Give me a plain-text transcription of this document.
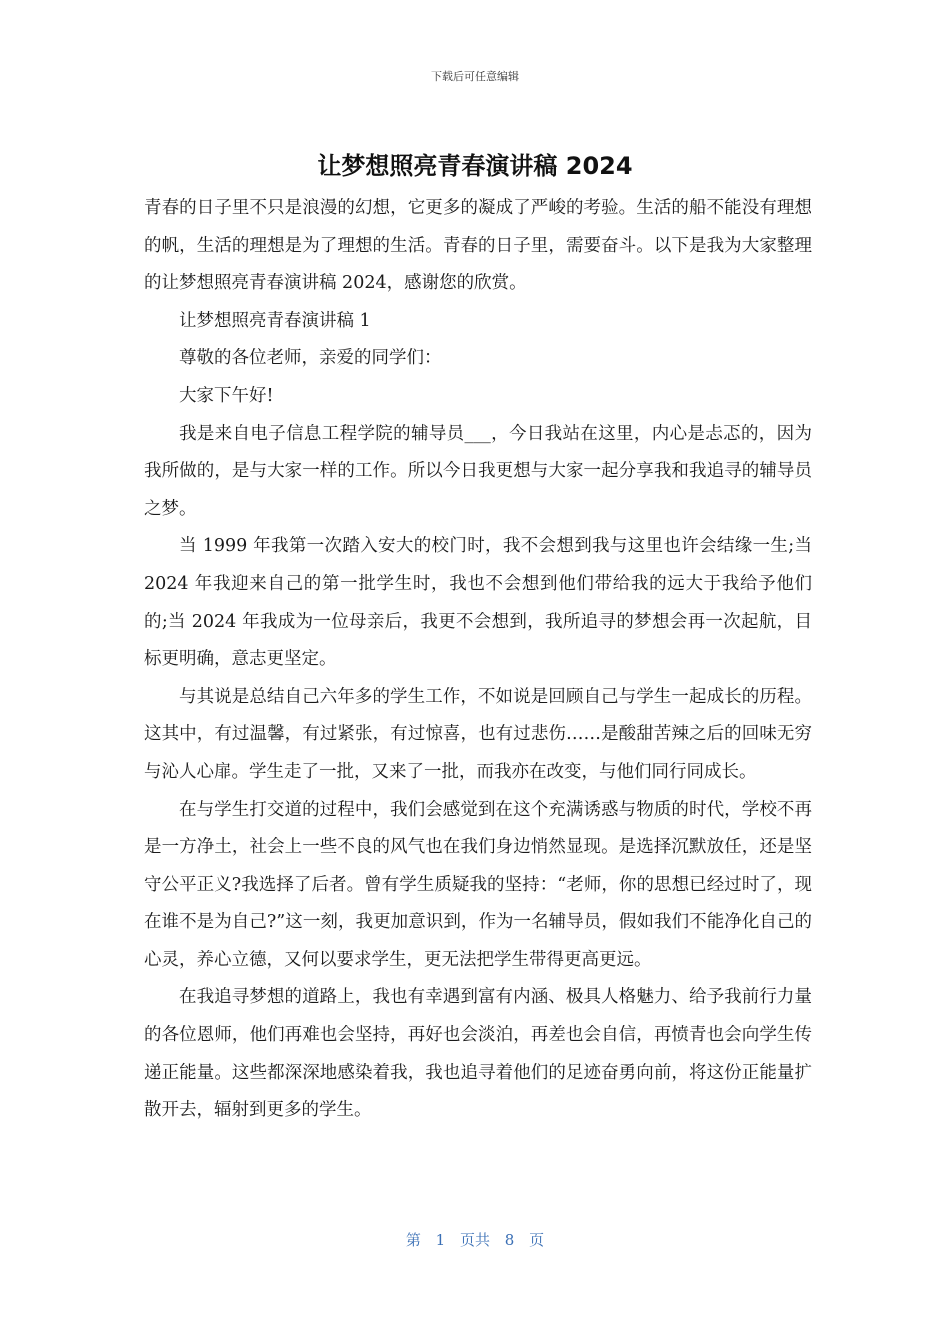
下载后可任意编辑
让梦想照亮青春演讲稿 2024

青春的日子里不只是浪漫的幻想，它更多的凝成了严峻的考验。生活的船不能没有理想的帆，生活的理想是为了理想的生活。青春的日子里，需要奋斗。以下是我为大家整理的让梦想照亮青春演讲稿 2024，感谢您的欣赏。

让梦想照亮青春演讲稿 1

尊敬的各位老师，亲爱的同学们：

大家下午好!

我是来自电子信息工程学院的辅导员___，今日我站在这里，内心是忐忑的，因为我所做的，是与大家一样的工作。所以今日我更想与大家一起分享我和我追寻的辅导员之梦。

当 1999 年我第一次踏入安大的校门时，我不会想到我与这里也许会结缘一生;当 2024 年我迎来自己的第一批学生时，我也不会想到他们带给我的远大于我给予他们的;当 2024 年我成为一位母亲后，我更不会想到，我所追寻的梦想会再一次起航，目标更明确，意志更坚定。

与其说是总结自己六年多的学生工作，不如说是回顾自己与学生一起成长的历程。这其中，有过温馨，有过紧张，有过惊喜，也有过悲伤……是酸甜苦辣之后的回味无穷与沁人心扉。学生走了一批，又来了一批，而我亦在改变，与他们同行同成长。

在与学生打交道的过程中，我们会感觉到在这个充满诱惑与物质的时代，学校不再是一方净土，社会上一些不良的风气也在我们身边悄然显现。是选择沉默放任，还是坚守公平正义?我选择了后者。曾有学生质疑我的坚持：“老师，你的思想已经过时了，现在谁不是为自己?”这一刻，我更加意识到，作为一名辅导员，假如我们不能净化自己的心灵，养心立德，又何以要求学生，更无法把学生带得更高更远。

在我追寻梦想的道路上，我也有幸遇到富有内涵、极具人格魅力、给予我前行力量的各位恩师，他们再难也会坚持，再好也会淡泊，再差也会自信，再愤青也会向学生传递正能量。这些都深深地感染着我，我也追寻着他们的足迹奋勇向前，将这份正能量扩散开去，辐射到更多的学生。

第 1 页共 8 页
